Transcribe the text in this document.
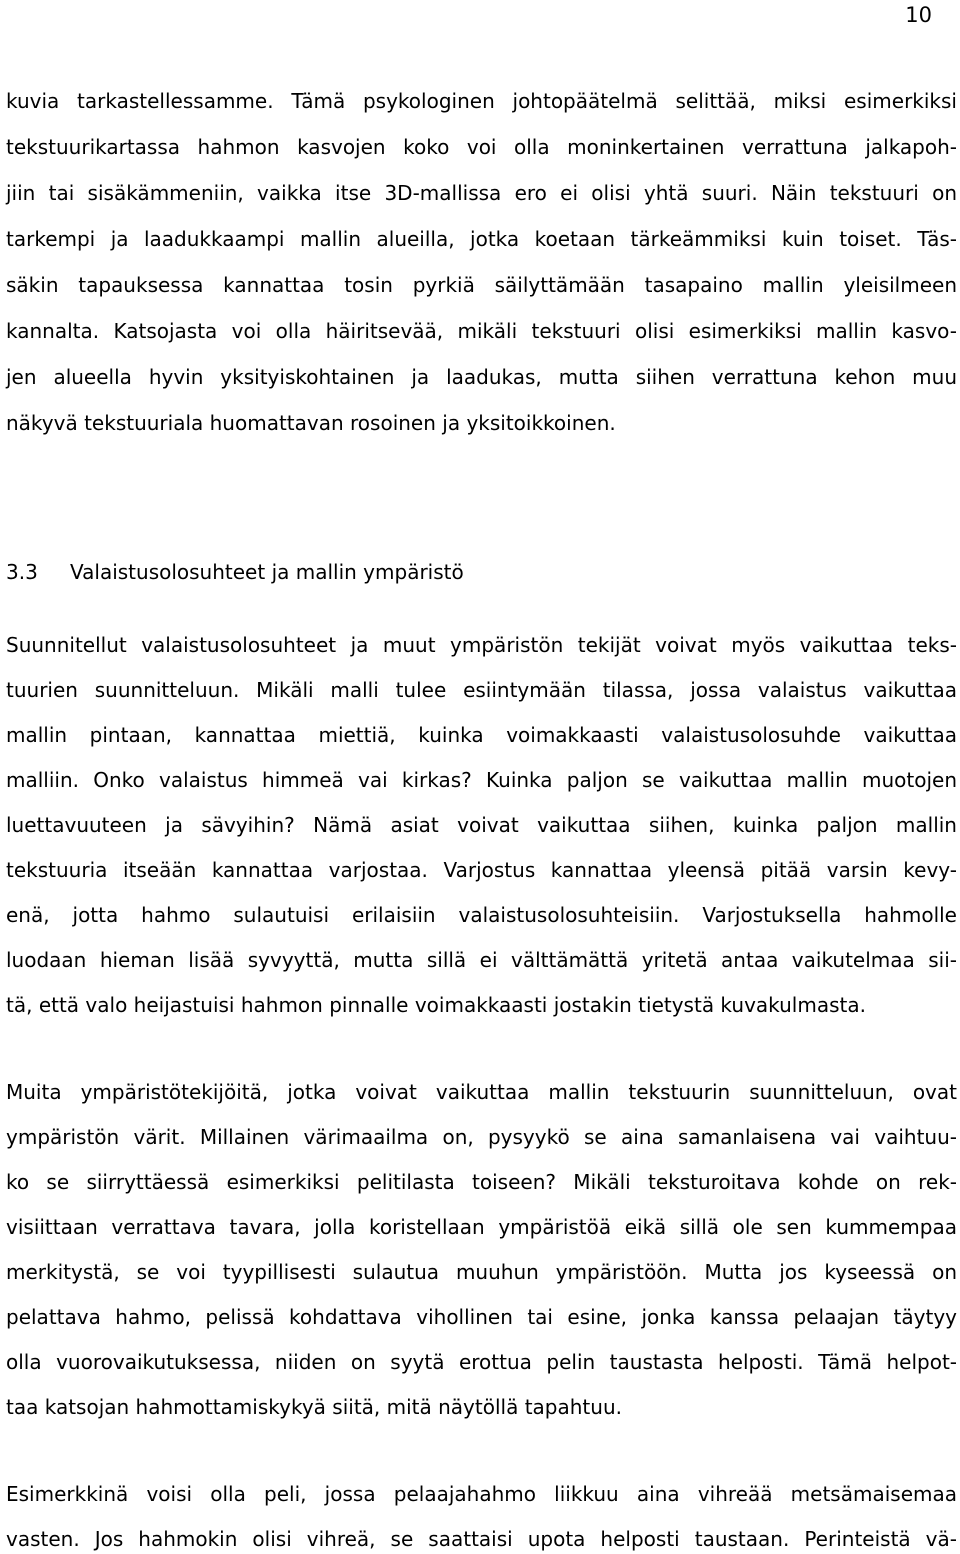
10
kuvia tarkastellessamme. Tämä psykologinen johtopäätelmä selittää, miksi esimerkiksi
tekstuurikartassa hahmon kasvojen koko voi olla moninkertainen verrattuna jalkapoh-
jiin tai sisäkämmeniin, vaikka itse 3D-mallissa ero ei olisi yhtä suuri. Näin tekstuuri on
tarkempi ja laadukkaampi mallin alueilla, jotka koetaan tärkeämmiksi kuin toiset. Täs-
säkin tapauksessa kannattaa tosin pyrkiä säilyttämään tasapaino mallin yleisilmeen
kannalta. Katsojasta voi olla häiritsevää, mikäli tekstuuri olisi esimerkiksi mallin kasvo-
jen alueella hyvin yksityiskohtainen ja laadukas, mutta siihen verrattuna kehon muu
näkyvä tekstuuriala huomattavan rosoinen ja yksitoikkoinen.
3.3 Valaistusolosuhteet ja mallin ympäristö
Suunnitellut valaistusolosuhteet ja muut ympäristön tekijät voivat myös vaikuttaa teks-
tuurien suunnitteluun. Mikäli malli tulee esiintymään tilassa, jossa valaistus vaikuttaa
mallin pintaan, kannattaa miettiä, kuinka voimakkaasti valaistusolosuhde vaikuttaa
malliin. Onko valaistus himmeä vai kirkas? Kuinka paljon se vaikuttaa mallin muotojen
luettavuuteen ja sävyihin? Nämä asiat voivat vaikuttaa siihen, kuinka paljon mallin
tekstuuria itseään kannattaa varjostaa. Varjostus kannattaa yleensä pitää varsin kevy-
enä, jotta hahmo sulautuisi erilaisiin valaistusolosuhteisiin. Varjostuksella hahmolle
luodaan hieman lisää syvyyttä, mutta sillä ei välttämättä yritetä antaa vaikutelmaa sii-
tä, että valo heijastuisi hahmon pinnalle voimakkaasti jostakin tietystä kuvakulmasta.
Muita ympäristötekijöitä, jotka voivat vaikuttaa mallin tekstuurin suunnitteluun, ovat
ympäristön värit. Millainen värimaailma on, pysyykö se aina samanlaisena vai vaihtuu-
ko se siirryttäessä esimerkiksi pelitilasta toiseen? Mikäli teksturoitava kohde on rek-
visiittaan verrattava tavara, jolla koristellaan ympäristöä eikä sillä ole sen kummempaa
merkitystä, se voi tyypillisesti sulautua muuhun ympäristöön. Mutta jos kyseessä on
pelattava hahmo, pelissä kohdattava vihollinen tai esine, jonka kanssa pelaajan täytyy
olla vuorovaikutuksessa, niiden on syytä erottua pelin taustasta helposti. Tämä helpot-
taa katsojan hahmottamiskykyä siitä, mitä näytöllä tapahtuu.
Esimerkkinä voisi olla peli, jossa pelaajahahmo liikkuu aina vihreää metsämaisemaa
vasten. Jos hahmokin olisi vihreä, se saattaisi upota helposti taustaan. Perinteistä vä-
